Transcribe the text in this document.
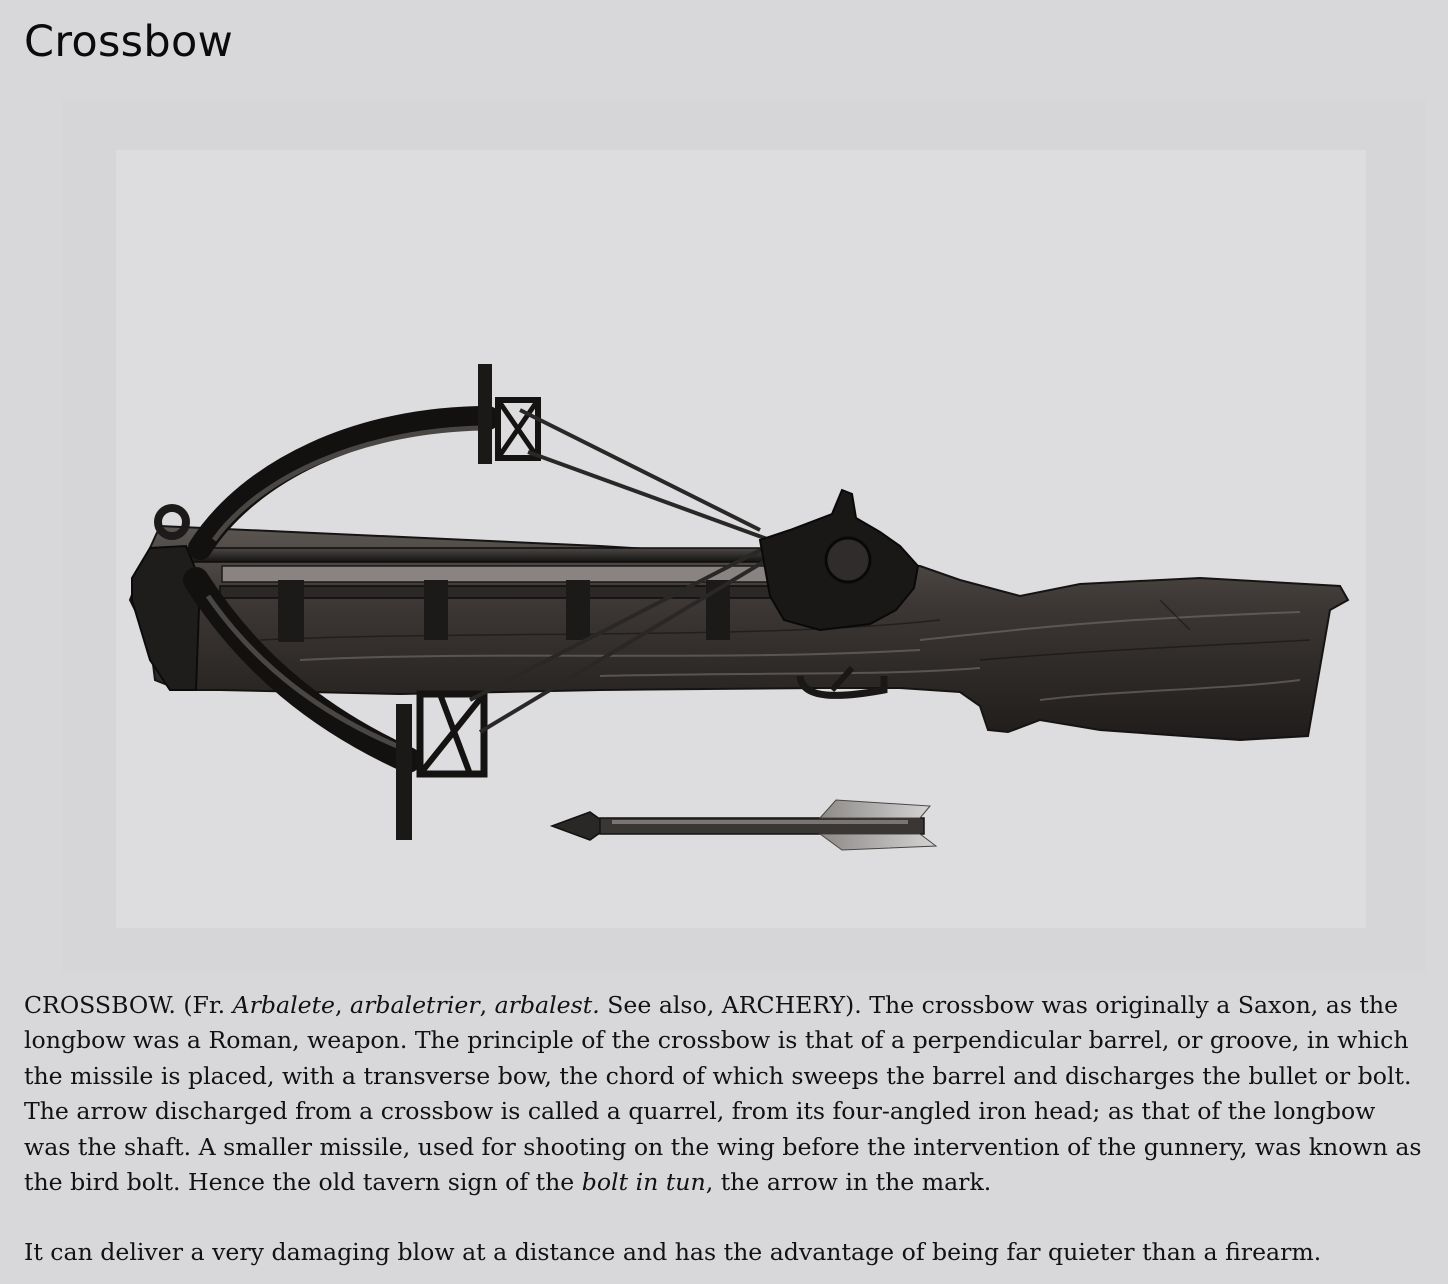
Crossbow

CROSSBOW. (Fr. Arbalete, arbaletrier, arbalest. See also, ARCHERY). The crossbow was originally a Saxon, as the longbow was a Roman, weapon. The principle of the crossbow is that of a perpendicular barrel, or groove, in which the missile is placed, with a transverse bow, the chord of which sweeps the barrel and discharges the bullet or bolt. The arrow discharged from a crossbow is called a quarrel, from its four-angled iron head; as that of the longbow was the shaft. A smaller missile, used for shooting on the wing before the intervention of the gunnery, was known as the bird bolt. Hence the old tavern sign of the bolt in tun, the arrow in the mark.

It can deliver a very damaging blow at a distance and has the advantage of being far quieter than a firearm.
